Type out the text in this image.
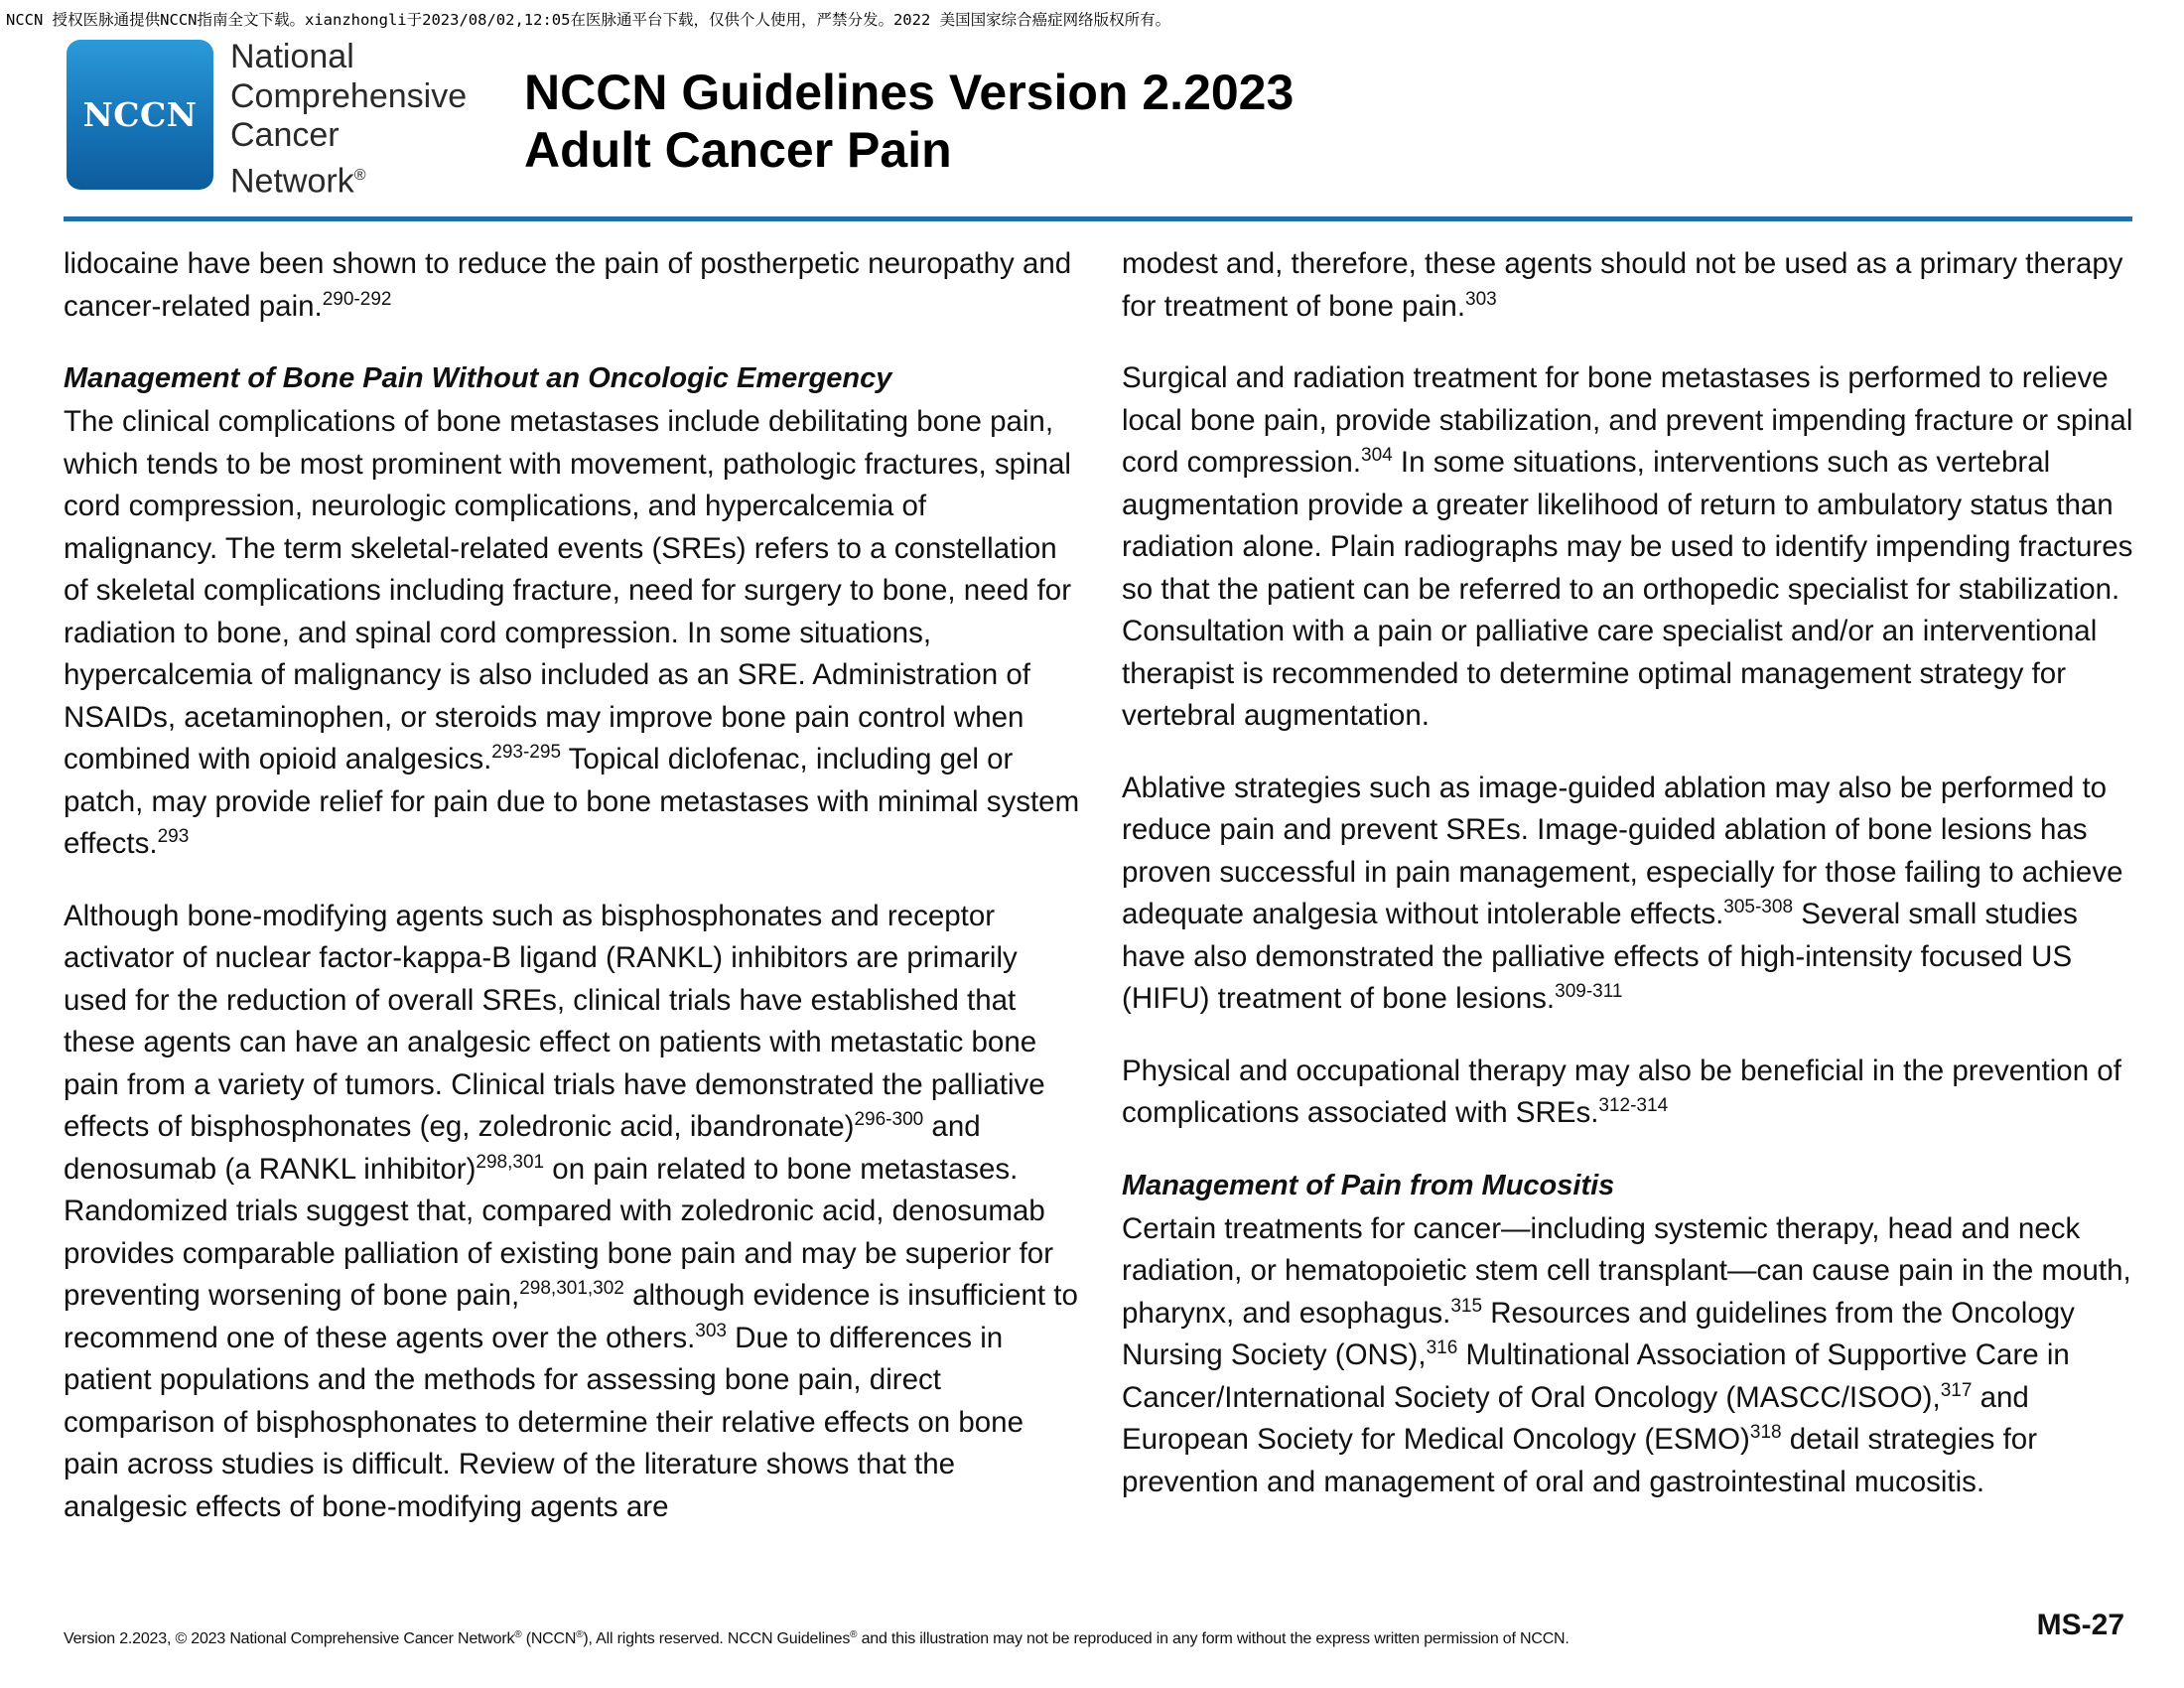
NCCN 授权医脉通提供NCCN指南全文下载。xianzhongli于2023/08/02,12:05在医脉通平台下载，仅供个人使用，严禁分发。2022 美国国家综合癌症网络版权所有。
NCCN
National
Comprehensive
Cancer
Network®
NCCN Guidelines Version 2.2023
Adult Cancer Pain

lidocaine have been shown to reduce the pain of postherpetic neuropathy and cancer-related pain.$^{290-292}$

Management of Bone Pain Without an Oncologic Emergency

The clinical complications of bone metastases include debilitating bone pain, which tends to be most prominent with movement, pathologic fractures, spinal cord compression, neurologic complications, and hypercalcemia of malignancy. The term skeletal-related events (SREs) refers to a constellation of skeletal complications including fracture, need for surgery to bone, need for radiation to bone, and spinal cord compression. In some situations, hypercalcemia of malignancy is also included as an SRE. Administration of NSAIDs, acetaminophen, or steroids may improve bone pain control when combined with opioid analgesics.$^{293-295}$ Topical diclofenac, including gel or patch, may provide relief for pain due to bone metastases with minimal system effects.$^{293}$

Although bone-modifying agents such as bisphosphonates and receptor activator of nuclear factor-kappa-B ligand (RANKL) inhibitors are primarily used for the reduction of overall SREs, clinical trials have established that these agents can have an analgesic effect on patients with metastatic bone pain from a variety of tumors. Clinical trials have demonstrated the palliative effects of bisphosphonates (eg, zoledronic acid, ibandronate)$^{296-300}$ and denosumab (a RANKL inhibitor)$^{298,301}$ on pain related to bone metastases. Randomized trials suggest that, compared with zoledronic acid, denosumab provides comparable palliation of existing bone pain and may be superior for preventing worsening of bone pain,$^{298,301,302}$ although evidence is insufficient to recommend one of these agents over the others.$^{303}$ Due to differences in patient populations and the methods for assessing bone pain, direct comparison of bisphosphonates to determine their relative effects on bone pain across studies is difficult. Review of the literature shows that the analgesic effects of bone-modifying agents are

modest and, therefore, these agents should not be used as a primary therapy for treatment of bone pain.$^{303}$

Surgical and radiation treatment for bone metastases is performed to relieve local bone pain, provide stabilization, and prevent impending fracture or spinal cord compression.$^{304}$ In some situations, interventions such as vertebral augmentation provide a greater likelihood of return to ambulatory status than radiation alone. Plain radiographs may be used to identify impending fractures so that the patient can be referred to an orthopedic specialist for stabilization. Consultation with a pain or palliative care specialist and/or an interventional therapist is recommended to determine optimal management strategy for vertebral augmentation.

Ablative strategies such as image-guided ablation may also be performed to reduce pain and prevent SREs. Image-guided ablation of bone lesions has proven successful in pain management, especially for those failing to achieve adequate analgesia without intolerable effects.$^{305-308}$ Several small studies have also demonstrated the palliative effects of high-intensity focused US (HIFU) treatment of bone lesions.$^{309-311}$

Physical and occupational therapy may also be beneficial in the prevention of complications associated with SREs.$^{312-314}$

Management of Pain from Mucositis

Certain treatments for cancer—including systemic therapy, head and neck radiation, or hematopoietic stem cell transplant—can cause pain in the mouth, pharynx, and esophagus.$^{315}$ Resources and guidelines from the Oncology Nursing Society (ONS),$^{316}$ Multinational Association of Supportive Care in Cancer/International Society of Oral Oncology (MASCC/ISOO),$^{317}$ and European Society for Medical Oncology (ESMO)$^{318}$ detail strategies for prevention and management of oral and gastrointestinal mucositis.

Version 2.2023, © 2023 National Comprehensive Cancer Network® (NCCN®), All rights reserved. NCCN Guidelines® and this illustration may not be reproduced in any form without the express written permission of NCCN.	MS-27
